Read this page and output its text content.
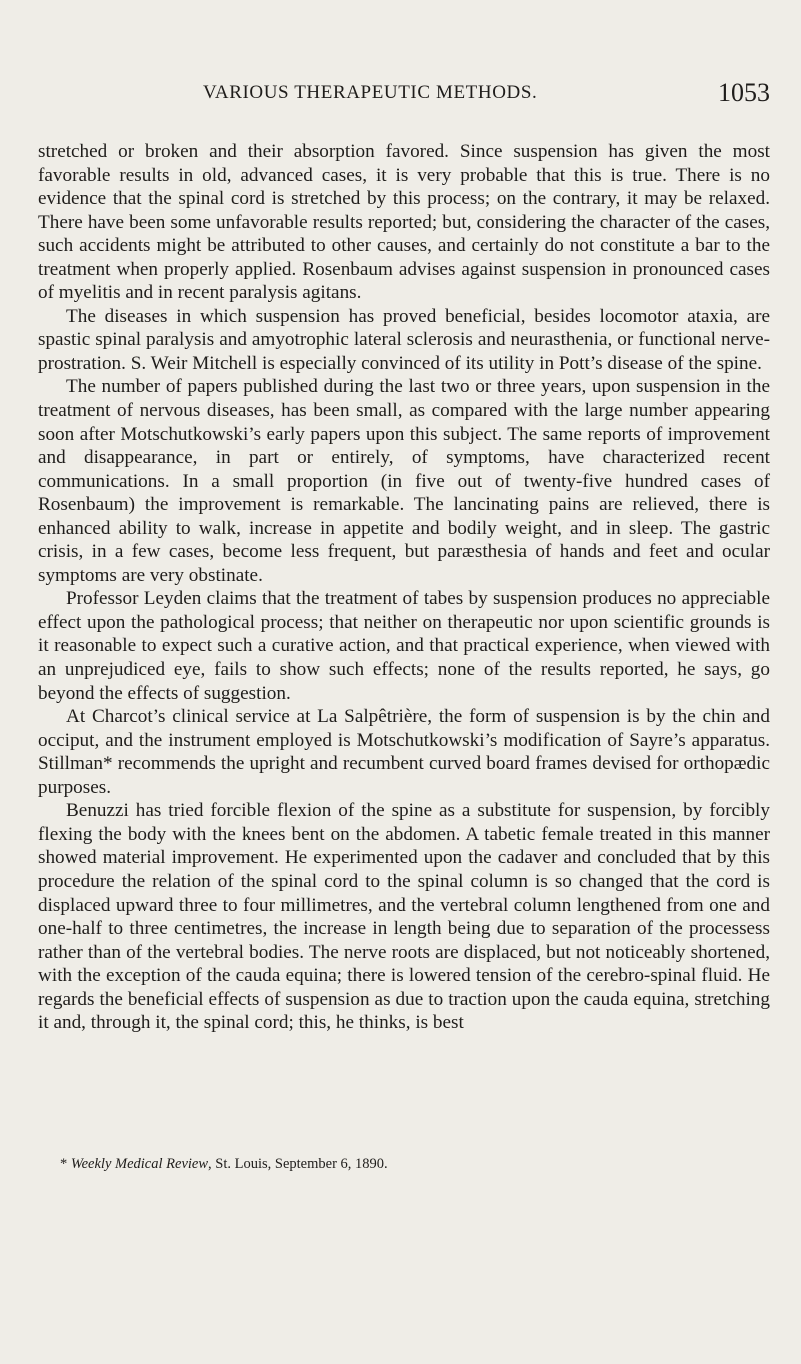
VARIOUS THERAPEUTIC METHODS.	1053

stretched or broken and their absorption favored. Since suspension has given the most favorable results in old, advanced cases, it is very probable that this is true. There is no evidence that the spinal cord is stretched by this process; on the contrary, it may be relaxed. There have been some unfavorable results reported; but, considering the character of the cases, such accidents might be attributed to other causes, and certainly do not constitute a bar to the treatment when properly applied. Rosenbaum advises against suspension in pronounced cases of myelitis and in recent paralysis agitans.

The diseases in which suspension has proved beneficial, besides locomotor ataxia, are spastic spinal paralysis and amyotrophic lateral sclerosis and neurasthenia, or functional nerve-prostration. S. Weir Mitchell is especially convinced of its utility in Pott’s disease of the spine.

The number of papers published during the last two or three years, upon suspension in the treatment of nervous diseases, has been small, as compared with the large number appearing soon after Motschutkowski’s early papers upon this subject. The same reports of improvement and disappearance, in part or entirely, of symptoms, have characterized recent communications. In a small proportion (in five out of twenty-five hundred cases of Rosenbaum) the improvement is remarkable. The lancinating pains are relieved, there is enhanced ability to walk, increase in appetite and bodily weight, and in sleep. The gastric crisis, in a few cases, become less frequent, but paræsthesia of hands and feet and ocular symptoms are very obstinate.

Professor Leyden claims that the treatment of tabes by suspension produces no appreciable effect upon the pathological process; that neither on therapeutic nor upon scientific grounds is it reasonable to expect such a curative action, and that practical experience, when viewed with an unprejudiced eye, fails to show such effects; none of the results reported, he says, go beyond the effects of suggestion.

At Charcot’s clinical service at La Salpêtrière, the form of suspension is by the chin and occiput, and the instrument employed is Motschutkowski’s modification of Sayre’s apparatus. Stillman* recommends the upright and recumbent curved board frames devised for orthopædic purposes.

Benuzzi has tried forcible flexion of the spine as a substitute for suspension, by forcibly flexing the body with the knees bent on the abdomen. A tabetic female treated in this manner showed material improvement. He experimented upon the cadaver and concluded that by this procedure the relation of the spinal cord to the spinal column is so changed that the cord is displaced upward three to four millimetres, and the vertebral column lengthened from one and one-half to three centimetres, the increase in length being due to separation of the processess rather than of the vertebral bodies. The nerve roots are displaced, but not noticeably shortened, with the exception of the cauda equina; there is lowered tension of the cerebro-spinal fluid. He regards the beneficial effects of suspension as due to traction upon the cauda equina, stretching it and, through it, the spinal cord; this, he thinks, is best

* Weekly Medical Review, St. Louis, September 6, 1890.
